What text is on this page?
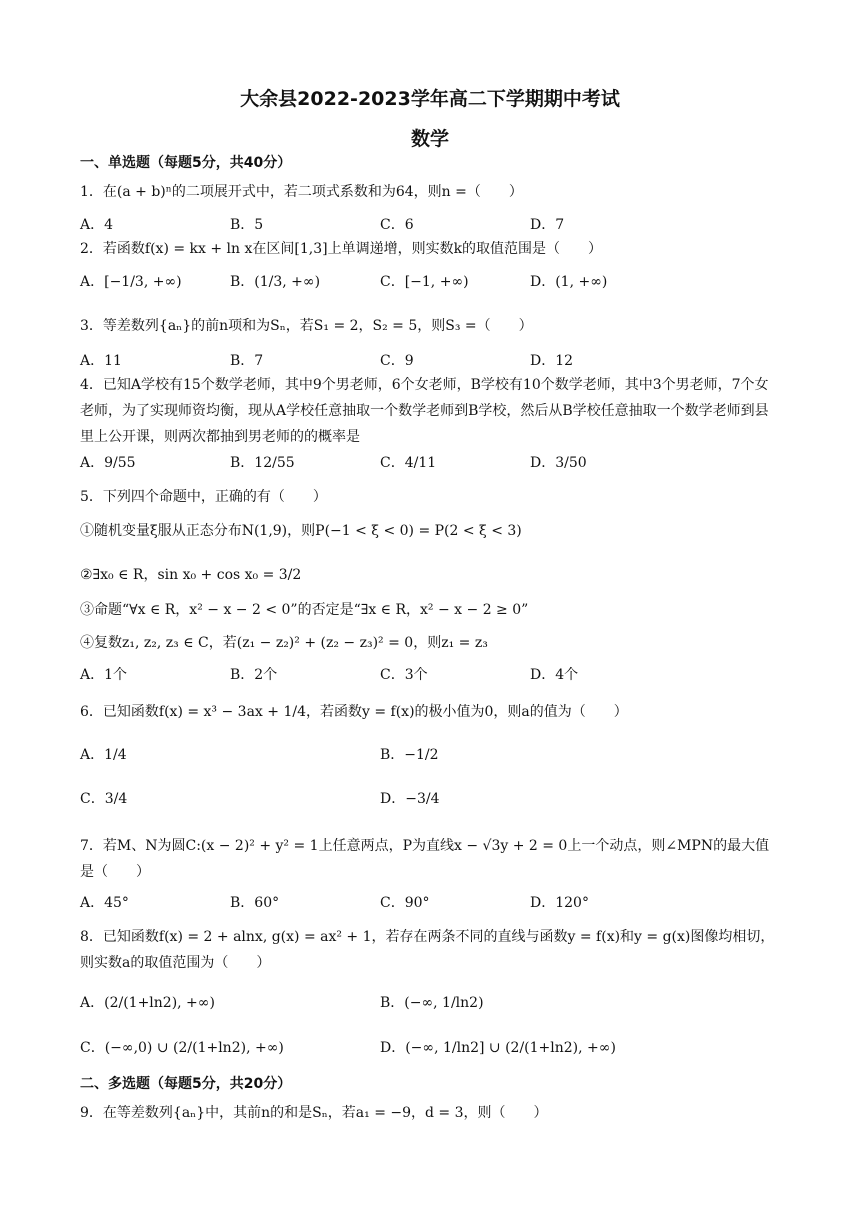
大余县2022-2023学年高二下学期期中考试
数学
一、单选题（每题5分，共40分）
1．在(a + b)ⁿ的二项展开式中，若二项式系数和为64，则n =（　　）
A．4	B．5	C．6	D．7
2．若函数f(x) = kx + ln x在区间[1,3]上单调递增，则实数k的取值范围是（　　）
A．[−1/3, +∞)	B．(1/3, +∞)	C．[−1, +∞)	D．(1, +∞)
3．等差数列{aₙ}的前n项和为Sₙ，若S₁ = 2，S₂ = 5，则S₃ =（　　）
A．11	B．7	C．9	D．12
4．已知A学校有15个数学老师，其中9个男老师，6个女老师，B学校有10个数学老师，其中3个男老师，7个女老师，为了实现师资均衡，现从A学校任意抽取一个数学老师到B学校，然后从B学校任意抽取一个数学老师到县里上公开课，则两次都抽到男老师的的概率是
A．9/55	B．12/55	C．4/11	D．3/50
5．下列四个命题中，正确的有（　　）
①随机变量ξ服从正态分布N(1,9)，则P(−1 < ξ < 0) = P(2 < ξ < 3)
②∃x₀ ∈ R，sin x₀ + cos x₀ = 3/2
③命题“∀x ∈ R，x² − x − 2 < 0”的否定是“∃x ∈ R，x² − x − 2 ≥ 0”
④复数z₁, z₂, z₃ ∈ C，若(z₁ − z₂)² + (z₂ − z₃)² = 0，则z₁ = z₃
A．1个	B．2个	C．3个	D．4个
6．已知函数f(x) = x³ − 3ax + 1/4，若函数y = f(x)的极小值为0，则a的值为（　　）
A．1/4	B．−1/2
C．3/4	D．−3/4
7．若M、N为圆C:(x − 2)² + y² = 1上任意两点，P为直线x − √3y + 2 = 0上一个动点，则∠MPN的最大值是（　　）
A．45°	B．60°	C．90°	D．120°
8．已知函数f(x) = 2 + alnx, g(x) = ax² + 1，若存在两条不同的直线与函数y = f(x)和y = g(x)图像均相切，则实数a的取值范围为（　　）
A．(2/(1+ln2), +∞)	B．(−∞, 1/ln2)
C．(−∞,0) ∪ (2/(1+ln2), +∞)	D．(−∞, 1/ln2] ∪ (2/(1+ln2), +∞)
二、多选题（每题5分，共20分）
9．在等差数列{aₙ}中，其前n的和是Sₙ，若a₁ = −9，d = 3，则（　　）
